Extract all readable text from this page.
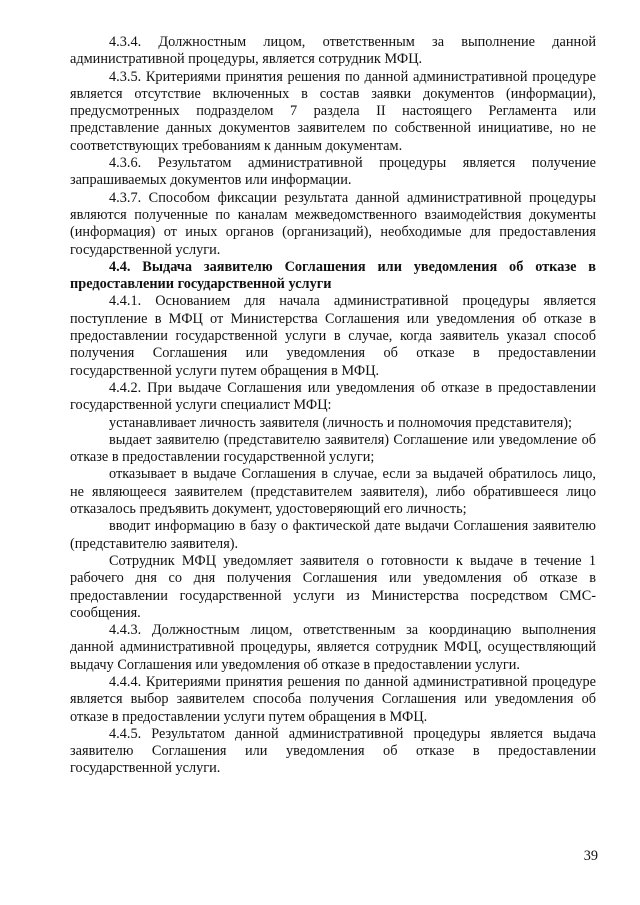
4.3.4. Должностным лицом, ответственным за выполнение данной административной процедуры, является сотрудник МФЦ.

4.3.5. Критериями принятия решения по данной административной процедуре является отсутствие включенных в состав заявки документов (информации), предусмотренных подразделом 7 раздела II настоящего Регламента или представление данных документов заявителем по собственной инициативе, но не соответствующих требованиям к данным документам.

4.3.6. Результатом административной процедуры является получение запрашиваемых документов или информации.

4.3.7. Способом фиксации результата данной административной процедуры являются полученные по каналам межведомственного взаимодействия документы (информация) от иных органов (организаций), необходимые для предоставления государственной услуги.

4.4. Выдача заявителю Соглашения или уведомления об отказе в предоставлении государственной услуги

4.4.1. Основанием для начала административной процедуры является поступление в МФЦ от Министерства Соглашения или уведомления об отказе в предоставлении государственной услуги в случае, когда заявитель указал способ получения Соглашения или уведомления об отказе в предоставлении государственной услуги путем обращения в МФЦ.

4.4.2. При выдаче Соглашения или уведомления об отказе в предоставлении государственной услуги специалист МФЦ:

устанавливает личность заявителя (личность и полномочия представителя);

выдает заявителю (представителю заявителя) Соглашение или уведомление об отказе в предоставлении государственной услуги;

отказывает в выдаче Соглашения в случае, если за выдачей обратилось лицо, не являющееся заявителем (представителем заявителя), либо обратившееся лицо отказалось предъявить документ, удостоверяющий его личность;

вводит информацию в базу о фактической дате выдачи Соглашения заявителю (представителю заявителя).

Сотрудник МФЦ уведомляет заявителя о готовности к выдаче в течение 1 рабочего дня со дня получения Соглашения или уведомления об отказе в предоставлении государственной услуги из Министерства посредством СМС-сообщения.

4.4.3. Должностным лицом, ответственным за координацию выполнения данной административной процедуры, является сотрудник МФЦ, осуществляющий выдачу Соглашения или уведомления об отказе в предоставлении услуги.

4.4.4. Критериями принятия решения по данной административной процедуре является выбор заявителем способа получения Соглашения или уведомления об отказе в предоставлении услуги путем обращения в МФЦ.

4.4.5. Результатом данной административной процедуры является выдача заявителю Соглашения или уведомления об отказе в предоставлении государственной услуги.

39
